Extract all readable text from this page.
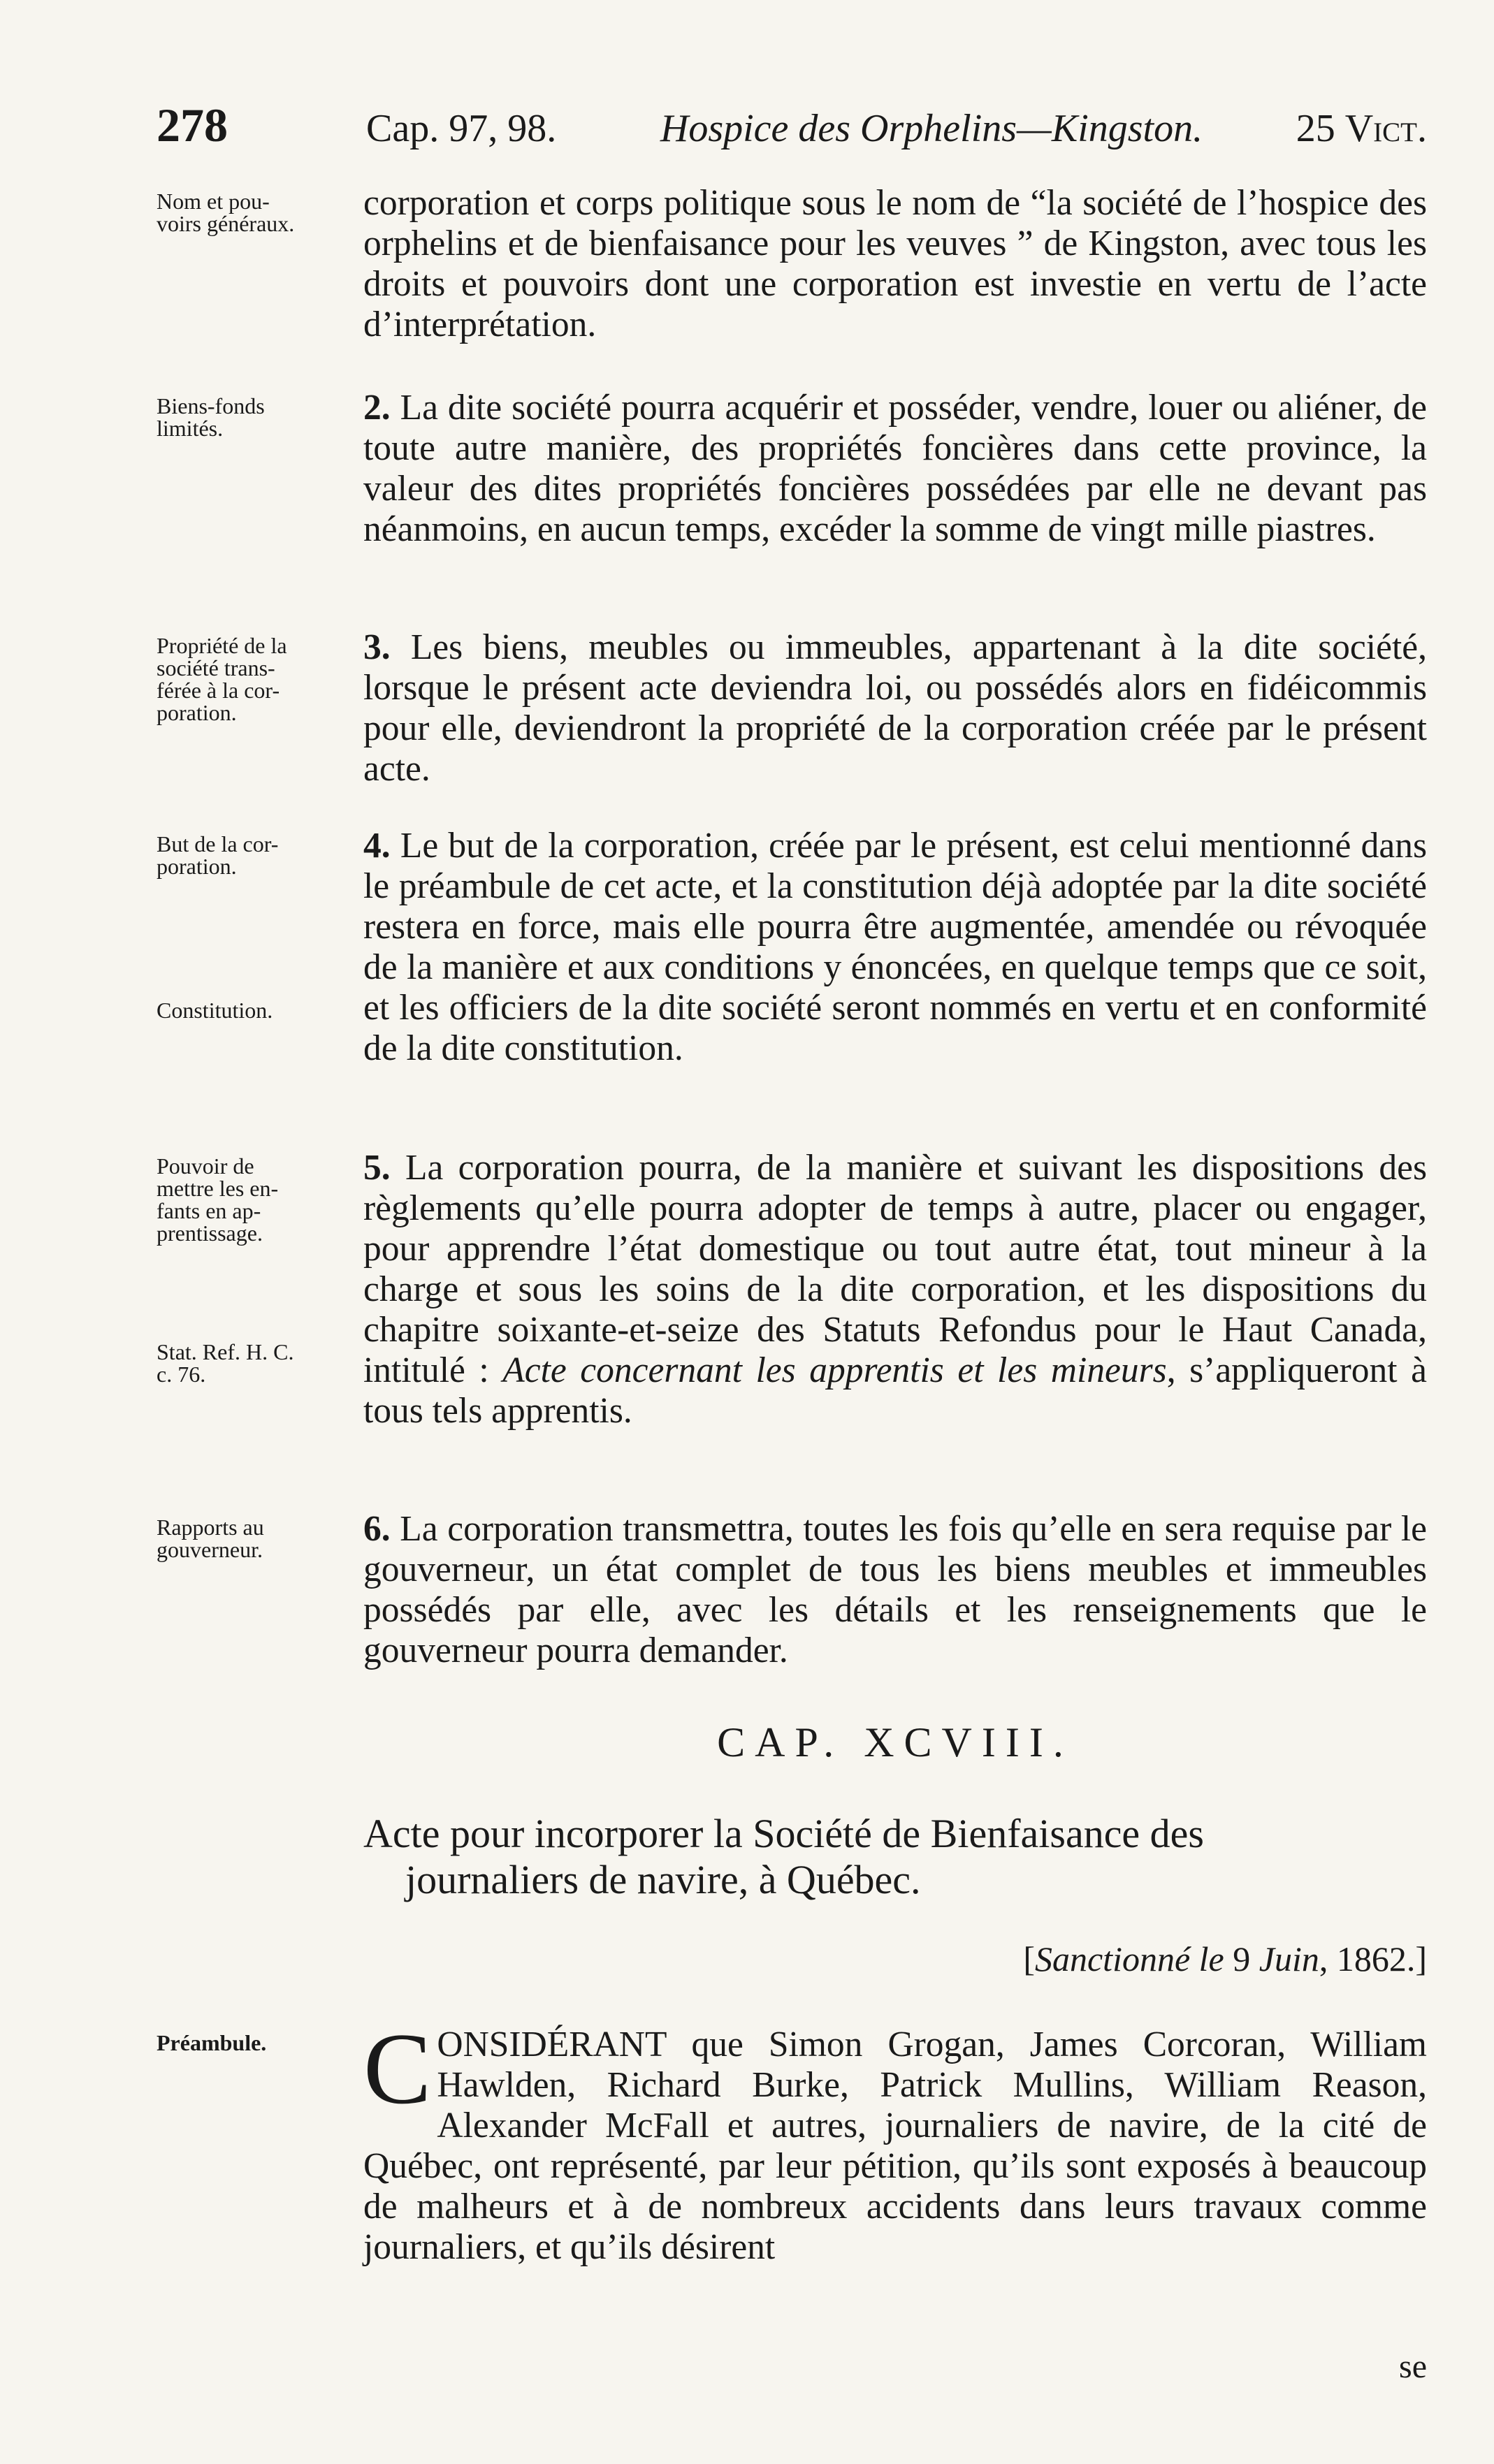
278	Cap. 97, 98.	Hospice des Orphelins—Kingston.	25 Vict.
Nom et pou-
voirs généraux.
corporation et corps politique sous le nom de “la société de l’hospice des orphelins et de bienfaisance pour les veuves ” de Kingston, avec tous les droits et pouvoirs dont une corporation est investie en vertu de l’acte d’interprétation.
Biens-fonds
limités.
2. La dite société pourra acquérir et posséder, vendre, louer ou aliéner, de toute autre manière, des propriétés foncières dans cette province, la valeur des dites propriétés foncières possédées par elle ne devant pas néanmoins, en aucun temps, excéder la somme de vingt mille piastres.
Propriété de la
société trans-
férée à la cor-
poration.
3. Les biens, meubles ou immeubles, appartenant à la dite société, lorsque le présent acte deviendra loi, ou possédés alors en fidéicommis pour elle, deviendront la propriété de la corporation créée par le présent acte.
But de la cor-
poration.
Constitution.
4. Le but de la corporation, créée par le présent, est celui mentionné dans le préambule de cet acte, et la constitution déjà adoptée par la dite société restera en force, mais elle pourra être augmentée, amendée ou révoquée de la manière et aux conditions y énoncées, en quelque temps que ce soit, et les officiers de la dite société seront nommés en vertu et en conformité de la dite constitution.
Pouvoir de
mettre les en-
fants en ap-
prentissage.
Stat. Ref. H. C.
c. 76.
5. La corporation pourra, de la manière et suivant les dispositions des règlements qu’elle pourra adopter de temps à autre, placer ou engager, pour apprendre l’état domestique ou tout autre état, tout mineur à la charge et sous les soins de la dite corporation, et les dispositions du chapitre soixante-et-seize des Statuts Refondus pour le Haut Canada, intitulé : Acte concernant les apprentis et les mineurs, s’appliqueront à tous tels apprentis.
Rapports au
gouverneur.
6. La corporation transmettra, toutes les fois qu’elle en sera requise par le gouverneur, un état complet de tous les biens meubles et immeubles possédés par elle, avec les détails et les renseignements que le gouverneur pourra demander.
CAP. XCVIII.
Acte pour incorporer la Société de Bienfaisance des
journaliers de navire, à Québec.
[Sanctionné le 9 Juin, 1862.]
Préambule. C ONSIDÉRANT que Simon Grogan, James Corcoran, William Hawlden, Richard Burke, Patrick Mullins, William Reason, Alexander McFall et autres, journaliers de navire, de la cité de Québec, ont représenté, par leur pétition, qu’ils sont exposés à beaucoup de malheurs et à de nombreux accidents dans leurs travaux comme journaliers, et qu’ils désirent
se
